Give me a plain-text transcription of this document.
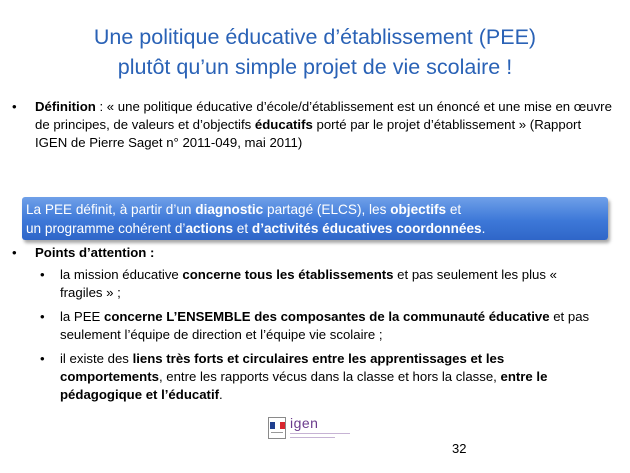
Une politique éducative d’établissement (PEE)
plutôt qu’un simple projet de vie scolaire !
• Définition : « une politique éducative d’école/d’établissement est un énoncé et une mise en œuvre de principes, de valeurs et d’objectifs éducatifs porté par le projet d’établissement » (Rapport IGEN de Pierre Saget n° 2011-049, mai 2011)
La PEE définit, à partir d’un diagnostic partagé (ELCS), les objectifs et
un programme cohérent d’actions et d’activités éducatives coordonnées.
• Points d’attention :
• la mission éducative concerne tous les établissements et pas seulement les plus « fragiles » ;
• la PEE concerne L’ENSEMBLE des composantes de la communauté éducative et pas seulement l’équipe de direction et l’équipe vie scolaire ;
• il existe des liens très forts et circulaires entre les apprentissages et les comportements, entre les rapports vécus dans la classe et hors la classe, entre le pédagogique et l’éducatif.
igen
32
